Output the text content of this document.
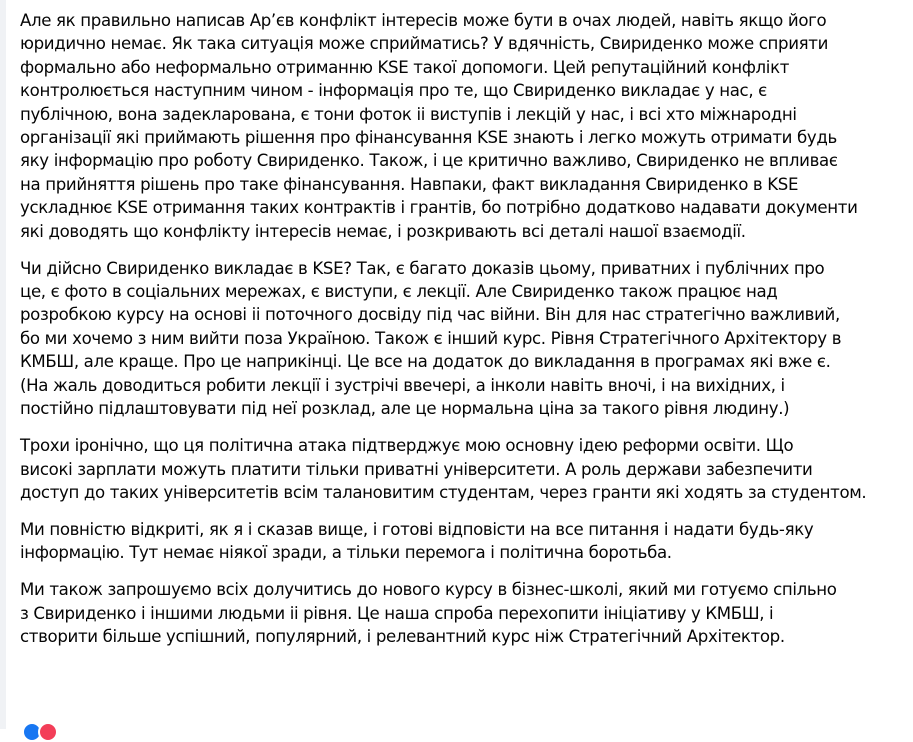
Але як правильно написав Ар’єв конфлікт інтересів може бути в очах людей, навіть якщо його
юридично немає. Як така ситуація може сприйматись? У вдячність, Свириденко може сприяти
формально або неформально отриманню KSE такої допомоги. Цей репутаційний конфлікт
контролюється наступним чином - інформація про те, що Свириденко викладає у нас, є
публічною, вона задекларована, є тони фоток іі виступів і лекцій у нас, і всі хто міжнародні
організації які приймають рішення про фінансування KSE знають і легко можуть отримати будь
яку інформацію про роботу Свириденко. Також, і це критично важливо, Свириденко не впливає
на прийняття рішень про таке фінансування. Навпаки, факт викладання Свириденко в KSE
ускладнює KSE отримання таких контрактів і грантів, бо потрібно додатково надавати документи
які доводять що конфлікту інтересів немає, і розкривають всі деталі нашої взаємодії.

Чи дійсно Свириденко викладає в KSE? Так, є багато доказів цьому, приватних і публічних про
це, є фото в соціальних мережах, є виступи, є лекції. Але Свириденко також працює над
розробкою курсу на основі іі поточного досвіду під час війни. Він для нас стратегічно важливий,
бо ми хочемо з ним вийти поза Україною. Також є інший курс. Рівня Стратегічного Архітектору в
КМБШ, але краще. Про це наприкінці. Це все на додаток до викладання в програмах які вже є.
(На жаль доводиться робити лекції і зустрічі ввечері, а інколи навіть вночі, і на вихідних, і
постійно підлаштовувати під неї розклад, але це нормальна ціна за такого рівня людину.)

Трохи іронічно, що ця політична атака підтверджує мою основну ідею реформи освіти. Що
високі зарплати можуть платити тільки приватні університети. А роль держави забезпечити
доступ до таких університетів всім талановитим студентам, через гранти які ходять за студентом.

Ми повністю відкриті, як я і сказав вище, і готові відповісти на все питання і надати будь-яку
інформацію. Тут немає ніякої зради, а тільки перемога і політична боротьба.

Ми також запрошуємо всіх долучитись до нового курсу в бізнес-школі, який ми готуємо спільно
з Свириденко і іншими людьми іі рівня. Це наша спроба перехопити ініціативу у КМБШ, і
створити більше успішний, популярний, і релевантний курс ніж Стратегічний Архітектор.
